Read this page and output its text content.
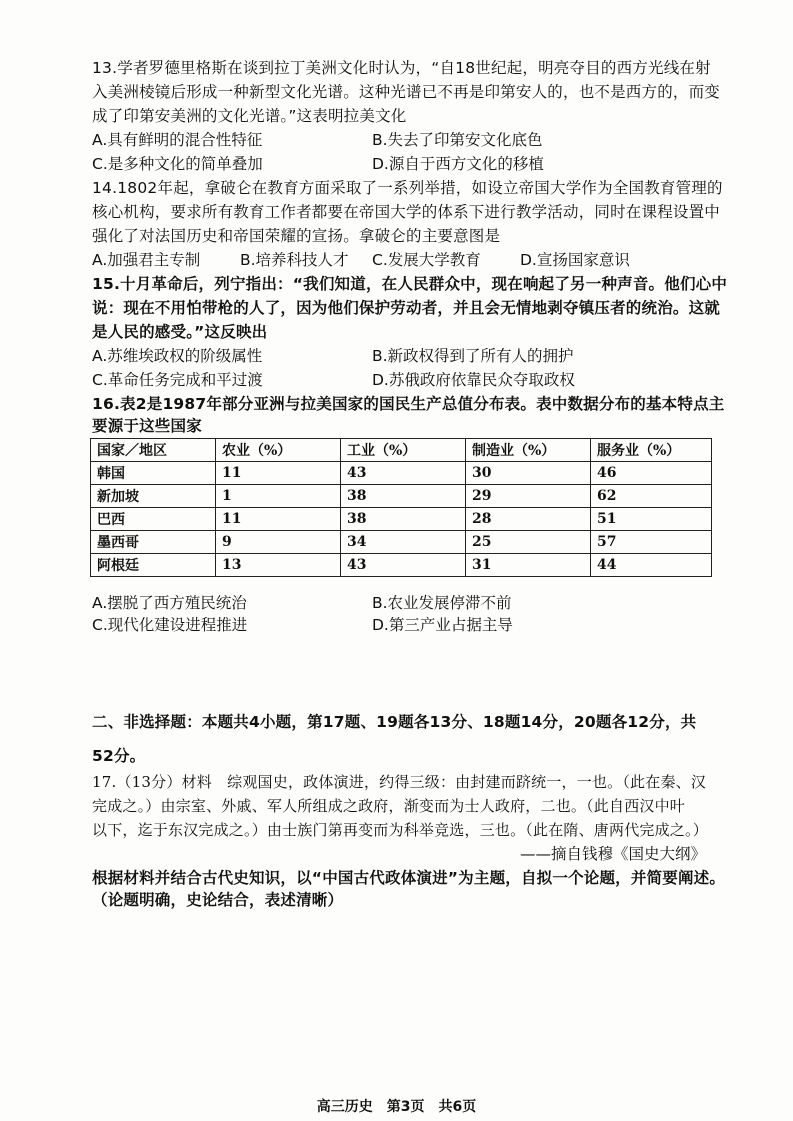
13.学者罗德里格斯在谈到拉丁美洲文化时认为，“自18世纪起，明亮夺目的西方光线在射
入美洲棱镜后形成一种新型文化光谱。这种光谱已不再是印第安人的，也不是西方的，而变
成了印第安美洲的文化光谱。”这表明拉美文化
A.具有鲜明的混合性特征	B.失去了印第安文化底色
C.是多种文化的简单叠加	D.源自于西方文化的移植
14.1802年起，拿破仑在教育方面采取了一系列举措，如设立帝国大学作为全国教育管理的
核心机构，要求所有教育工作者都要在帝国大学的体系下进行教学活动，同时在课程设置中
强化了对法国历史和帝国荣耀的宣扬。拿破仑的主要意图是
A.加强君主专制	B.培养科技人才 C.发展大学教育	D.宣扬国家意识
15.十月革命后，列宁指出：“我们知道，在人民群众中，现在响起了另一种声音。他们心中
说：现在不用怕带枪的人了，因为他们保护劳动者，并且会无情地剥夺镇压者的统治。这就
是人民的感受。”这反映出
A.苏维埃政权的阶级属性	B.新政权得到了所有人的拥护
C.革命任务完成和平过渡	D.苏俄政府依靠民众夺取政权
16.表2是1987年部分亚洲与拉美国家的国民生产总值分布表。表中数据分布的基本特点主
要源于这些国家
国家／地区	农业（%）	工业（%）	制造业（%）	服务业（%）
韩国	11	43	30	46
新加坡	1	38	29	62
巴西	11	38	28	51
墨西哥	9	34	25	57
阿根廷	13	43	31	44
A.摆脱了西方殖民统治	B.农业发展停滞不前
C.现代化建设进程推进	D.第三产业占据主导
二、非选择题：本题共4小题，第17题、19题各13分、18题14分，20题各12分，共
52分。
17.（13分）材料　综观国史，政体演进，约得三级：由封建而跻统一，一也。（此在秦、汉
完成之。）由宗室、外戚、军人所组成之政府，渐变而为士人政府，二也。（此自西汉中叶
以下，迄于东汉完成之。）由士族门第再变而为科举竞选，三也。（此在隋、唐两代完成之。）
——摘自钱穆《国史大纲》
根据材料并结合古代史知识，以“中国古代政体演进”为主题，自拟一个论题，并简要阐述。
（论题明确，史论结合，表述清晰）
高三历史　第3页　共6页
